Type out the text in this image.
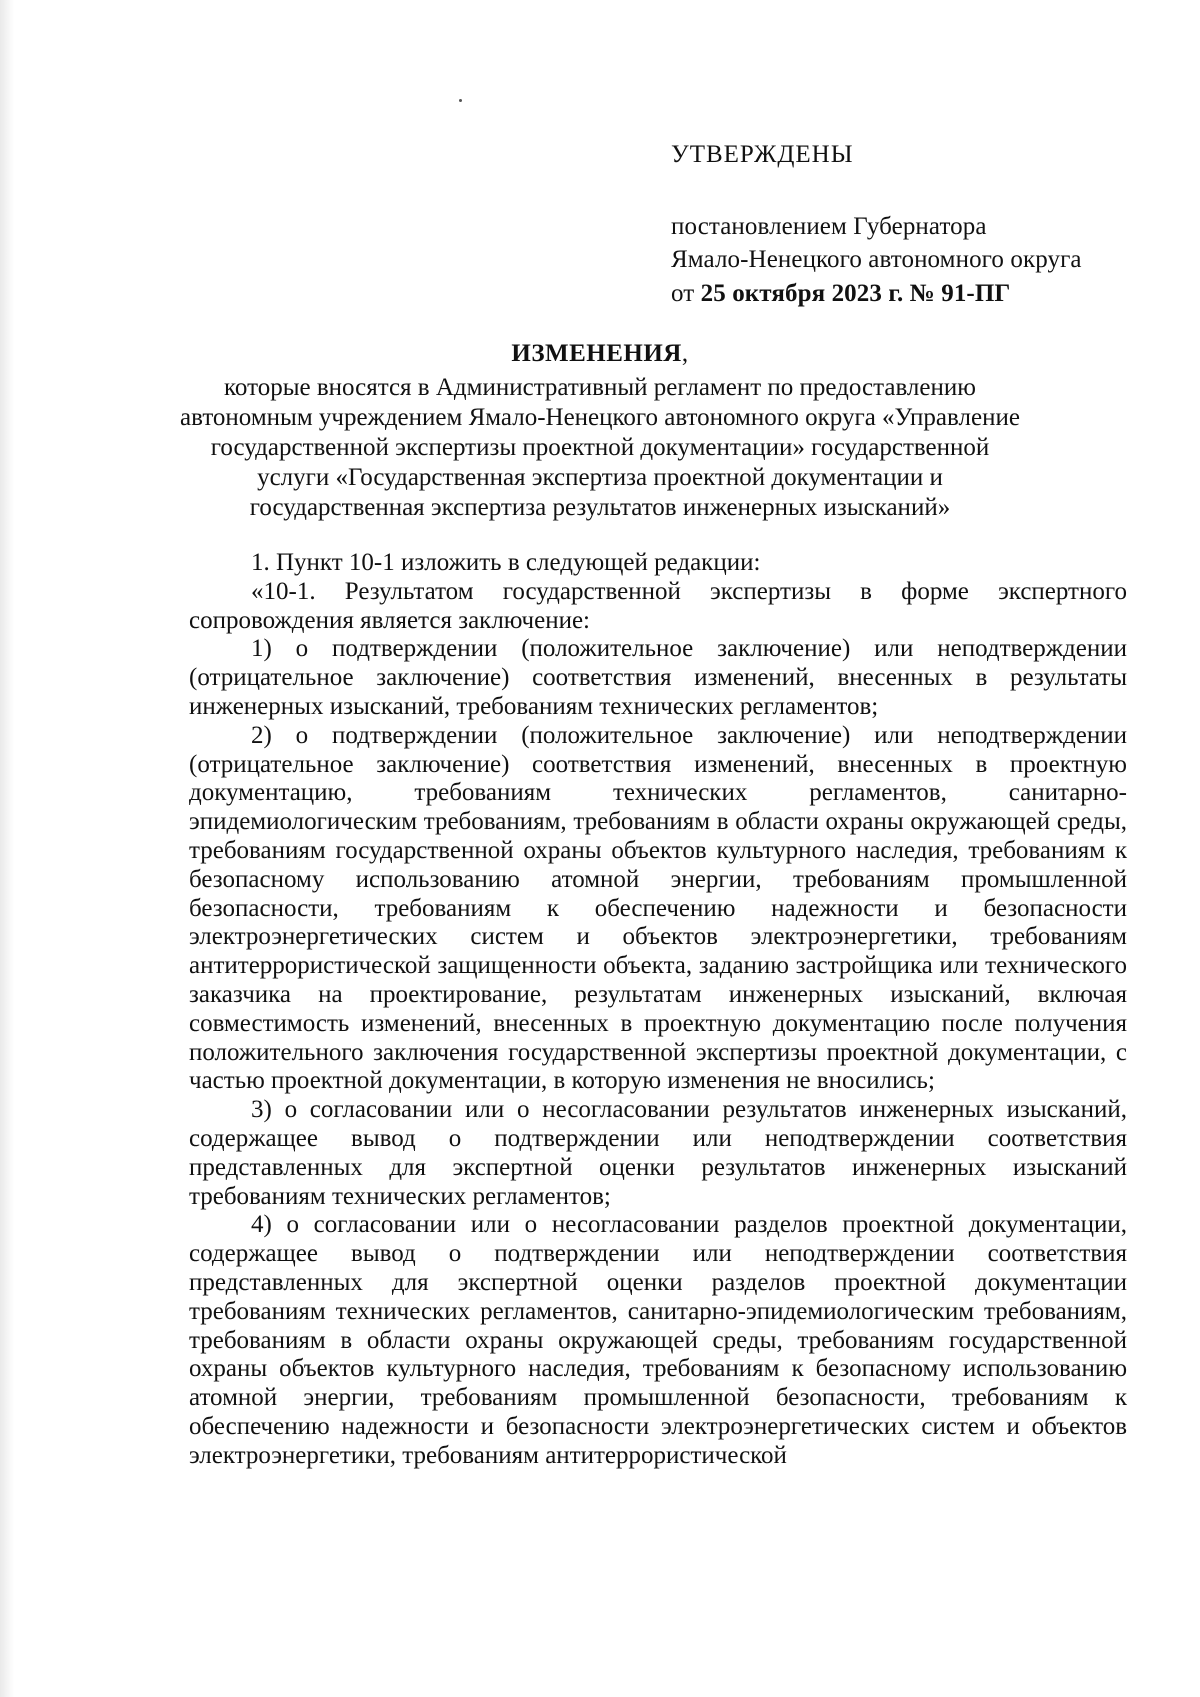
УТВЕРЖДЕНЫ
постановлением Губернатора
Ямало-Ненецкого автономного округа
от 25 октября 2023 г. № 91-ПГ
ИЗМЕНЕНИЯ,
которые вносятся в Административный регламент по предоставлению
автономным учреждением Ямало-Ненецкого автономного округа «Управление
государственной экспертизы проектной документации» государственной
услуги «Государственная экспертиза проектной документации и
государственная экспертиза результатов инженерных изысканий»

1. Пункт 10-1 изложить в следующей редакции:

«10-1. Результатом государственной экспертизы в форме экспертного сопровождения является заключение:

1) о подтверждении (положительное заключение) или неподтверждении (отрицательное заключение) соответствия изменений, внесенных в результаты инженерных изысканий, требованиям технических регламентов;

2) о подтверждении (положительное заключение) или неподтверждении (отрицательное заключение) соответствия изменений, внесенных в проектную документацию, требованиям технических регламентов, санитарно-эпидемиологическим требованиям, требованиям в области охраны окружающей среды, требованиям государственной охраны объектов культурного наследия, требованиям к безопасному использованию атомной энергии, требованиям промышленной безопасности, требованиям к обеспечению надежности и безопасности электроэнергетических систем и объектов электроэнергетики, требованиям антитеррористической защищенности объекта, заданию застройщика или технического заказчика на проектирование, результатам инженерных изысканий, включая совместимость изменений, внесенных в проектную документацию после получения положительного заключения государственной экспертизы проектной документации, с частью проектной документации, в которую изменения не вносились;

3) о согласовании или о несогласовании результатов инженерных изысканий, содержащее вывод о подтверждении или неподтверждении соответствия представленных для экспертной оценки результатов инженерных изысканий требованиям технических регламентов;

4) о согласовании или о несогласовании разделов проектной документации, содержащее вывод о подтверждении или неподтверждении соответствия представленных для экспертной оценки разделов проектной документации требованиям технических регламентов, санитарно-эпидемиологическим требованиям, требованиям в области охраны окружающей среды, требованиям государственной охраны объектов культурного наследия, требованиям к безопасному использованию атомной энергии, требованиям промышленной безопасности, требованиям к обеспечению надежности и безопасности электроэнергетических систем и объектов электроэнергетики, требованиям антитеррористической
